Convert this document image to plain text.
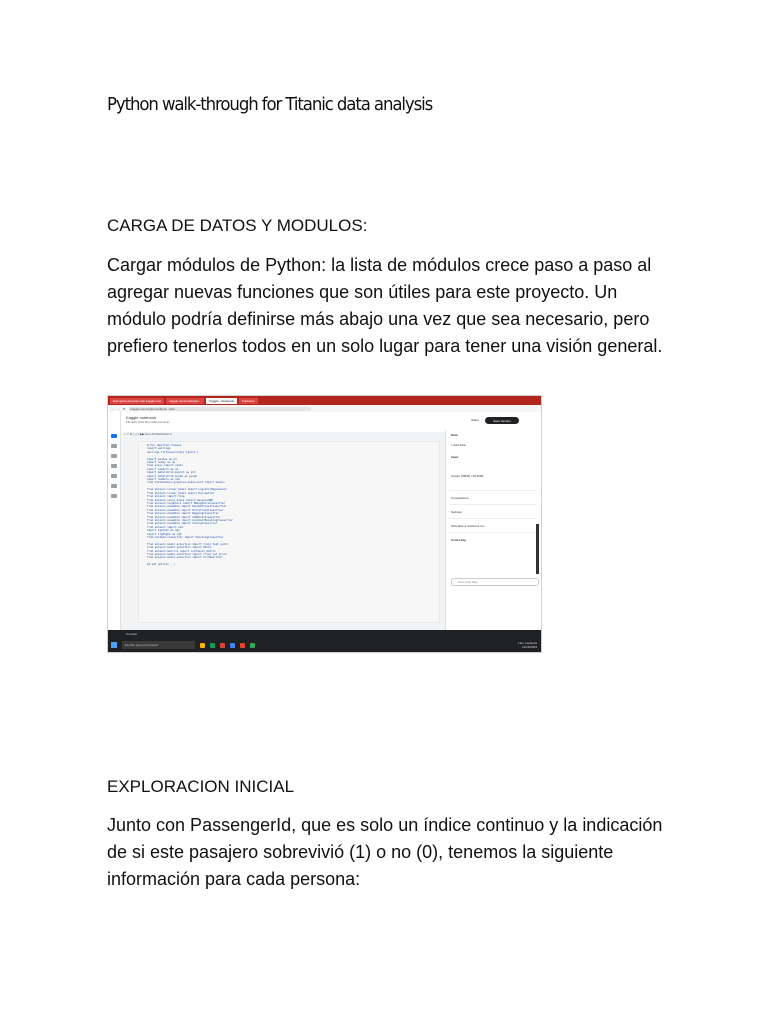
Python walk-through for Titanic data analysis
CARGA DE DATOS Y MODULOS:

Cargar módulos de Python: la lista de módulos crece paso a paso al agregar nuevas funciones que son útiles para este proyecto. Un módulo podría definirse más abajo una vez que sea necesario, pero prefiero tenerlos todos en un solo lugar para tener una visión general.

Encuentra arrancar web kaggle.com	kaggle.com/notebook/...	Kaggle - Notebook	Traductor
← → ↻	kaggle.com/code/notebook.../edit
Kaggle notebook
File Edit View Run Add-ons Help	Share	Save Version
+ ✂ ⧉ ▢ ▷ ▶▶ Run All Markdown ▾
# the imported classes
import warnings
warnings.filterwarnings('ignore')

import pandas as pd
import numpy as np
from scipy import stats
import seaborn as sb
import matplotlib.pyplot as plt
import matplotlib.pylab as pylab
import numbers as num
from statsmodels.graphics.mosaicplot import mosaic

from sklearn.linear_model import LogisticRegression
from sklearn.linear_model import Perceptron
from sklearn import tree
from sklearn.naive_bayes import GaussianNB
from sklearn.neighbors import KNeighborsClassifier
from sklearn.ensemble import RandomForestClassifier
from sklearn.ensemble import ExtraTreesClassifier
from sklearn.ensemble import BaggingClassifier
from sklearn.ensemble import AdaBoostClassifier
from sklearn.ensemble import GradientBoostingClassifier
from sklearn.ensemble import VotingClassifier
from sklearn import svm
import xgboost as xgb
import lightgbm as lgb
from mlxtend.classifier import StackingClassifier

from sklearn.model_selection import train_test_split
from sklearn.model_selection import KFold
from sklearn.metrics import confusion_matrix
from sklearn.model_selection import cross_val_score
from sklearn.model_selection import GridSearchCV

pd.set_option(...)
Data
+ Add data
Input
Output (OB/B) / 19.5GiB
Competitions
Settings
Schedule a notebook run
Code Help
Find code help
Console
Escribe aquí para buscar	Llov. espacios
12/12/2023
EXPLORACION INICIAL

Junto con PassengerId, que es solo un índice continuo y la indicación de si este pasajero sobrevivió (1) o no (0), tenemos la siguiente información para cada persona:
